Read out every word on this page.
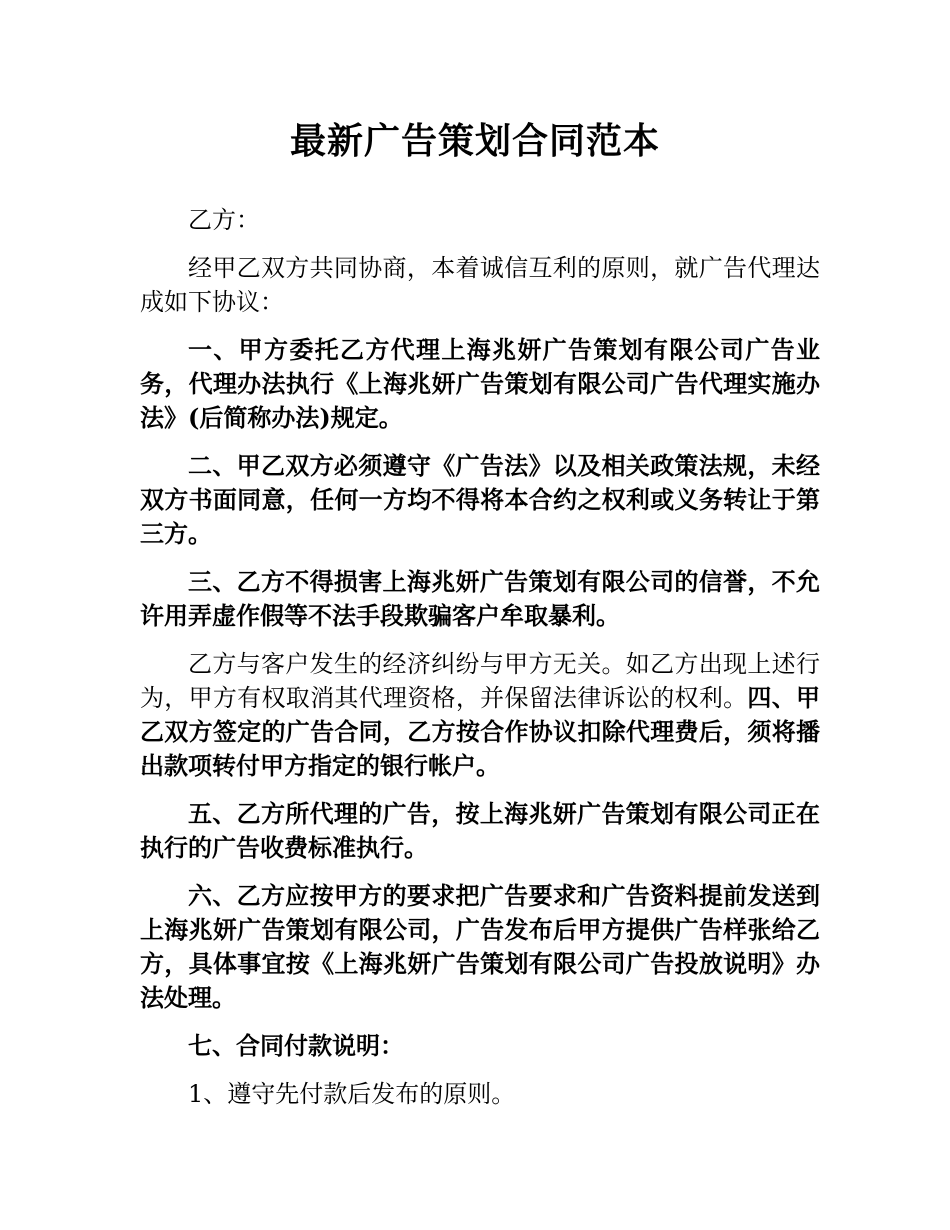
最新广告策划合同范本

乙方：

经甲乙双方共同协商，本着诚信互利的原则，就广告代理达成如下协议：

一、甲方委托乙方代理上海兆妍广告策划有限公司广告业务，代理办法执行《上海兆妍广告策划有限公司广告代理实施办法》(后简称办法)规定。

二、甲乙双方必须遵守《广告法》以及相关政策法规，未经双方书面同意，任何一方均不得将本合约之权利或义务转让于第三方。

三、乙方不得损害上海兆妍广告策划有限公司的信誉，不允许用弄虚作假等不法手段欺骗客户牟取暴利。

乙方与客户发生的经济纠纷与甲方无关。如乙方出现上述行为，甲方有权取消其代理资格，并保留法律诉讼的权利。四、甲乙双方签定的广告合同，乙方按合作协议扣除代理费后，须将播出款项转付甲方指定的银行帐户。

五、乙方所代理的广告，按上海兆妍广告策划有限公司正在执行的广告收费标准执行。

六、乙方应按甲方的要求把广告要求和广告资料提前发送到上海兆妍广告策划有限公司，广告发布后甲方提供广告样张给乙方，具体事宜按《上海兆妍广告策划有限公司广告投放说明》办法处理。

七、合同付款说明：

1、遵守先付款后发布的原则。
